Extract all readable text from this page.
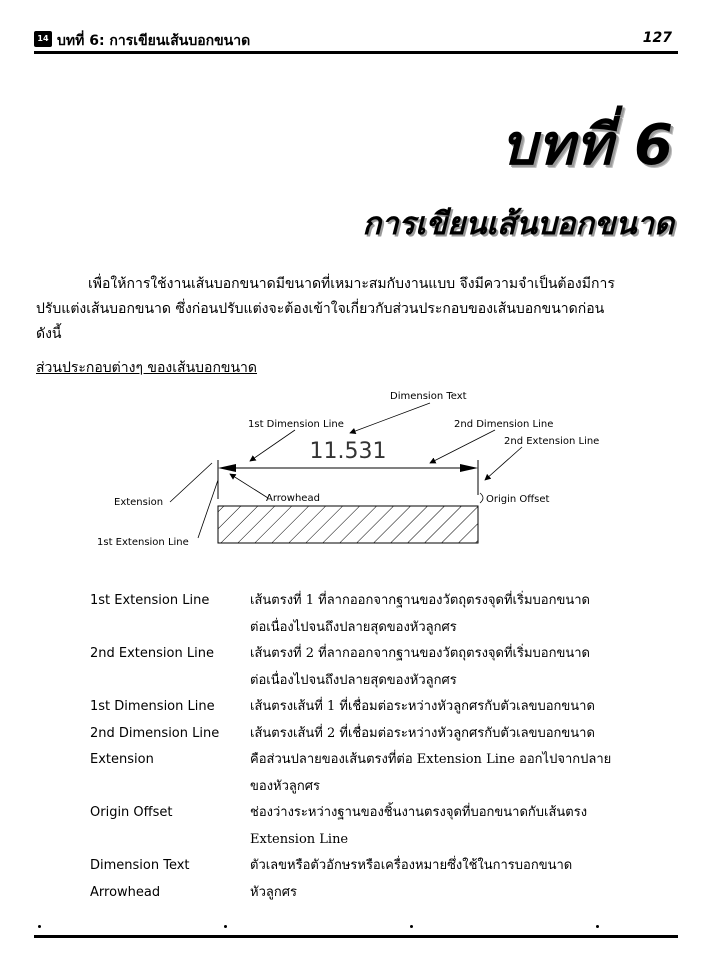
14 บทที่ 6: การเขียนเส้นบอกขนาด	127
บทที่ 6
การเขียนเส้นบอกขนาด

เพื่อให้การใช้งานเส้นบอกขนาดมีขนาดที่เหมาะสมกับงานแบบ จึงมีความจำเป็นต้องมีการ

ปรับแต่งเส้นบอกขนาด ซึ่งก่อนปรับแต่งจะต้องเข้าใจเกี่ยวกับส่วนประกอบของเส้นบอกขนาดก่อน

ดังนี้

ส่วนประกอบต่างๆ ของเส้นบอกขนาด
11.531
Dimension Text
1st Dimension Line	2nd Dimension Line
2nd Extension Line
Extension	Arrowhead	Origin Offset
1st Extension Line
1st Extension Line	เส้นตรงที่ 1 ที่ลากออกจากฐานของวัตถุตรงจุดที่เริ่มบอกขนาด
ต่อเนื่องไปจนถึงปลายสุดของหัวลูกศร
2nd Extension Line	เส้นตรงที่ 2 ที่ลากออกจากฐานของวัตถุตรงจุดที่เริ่มบอกขนาด
ต่อเนื่องไปจนถึงปลายสุดของหัวลูกศร
1st Dimension Line	เส้นตรงเส้นที่ 1 ที่เชื่อมต่อระหว่างหัวลูกศรกับตัวเลขบอกขนาด
2nd Dimension Line	เส้นตรงเส้นที่ 2 ที่เชื่อมต่อระหว่างหัวลูกศรกับตัวเลขบอกขนาด
Extension	คือส่วนปลายของเส้นตรงที่ต่อ Extension Line ออกไปจากปลาย
ของหัวลูกศร
Origin Offset	ช่องว่างระหว่างฐานของชิ้นงานตรงจุดที่บอกขนาดกับเส้นตรง
Extension Line
Dimension Text	ตัวเลขหรือตัวอักษรหรือเครื่องหมายซึ่งใช้ในการบอกขนาด
Arrowhead	หัวลูกศร
